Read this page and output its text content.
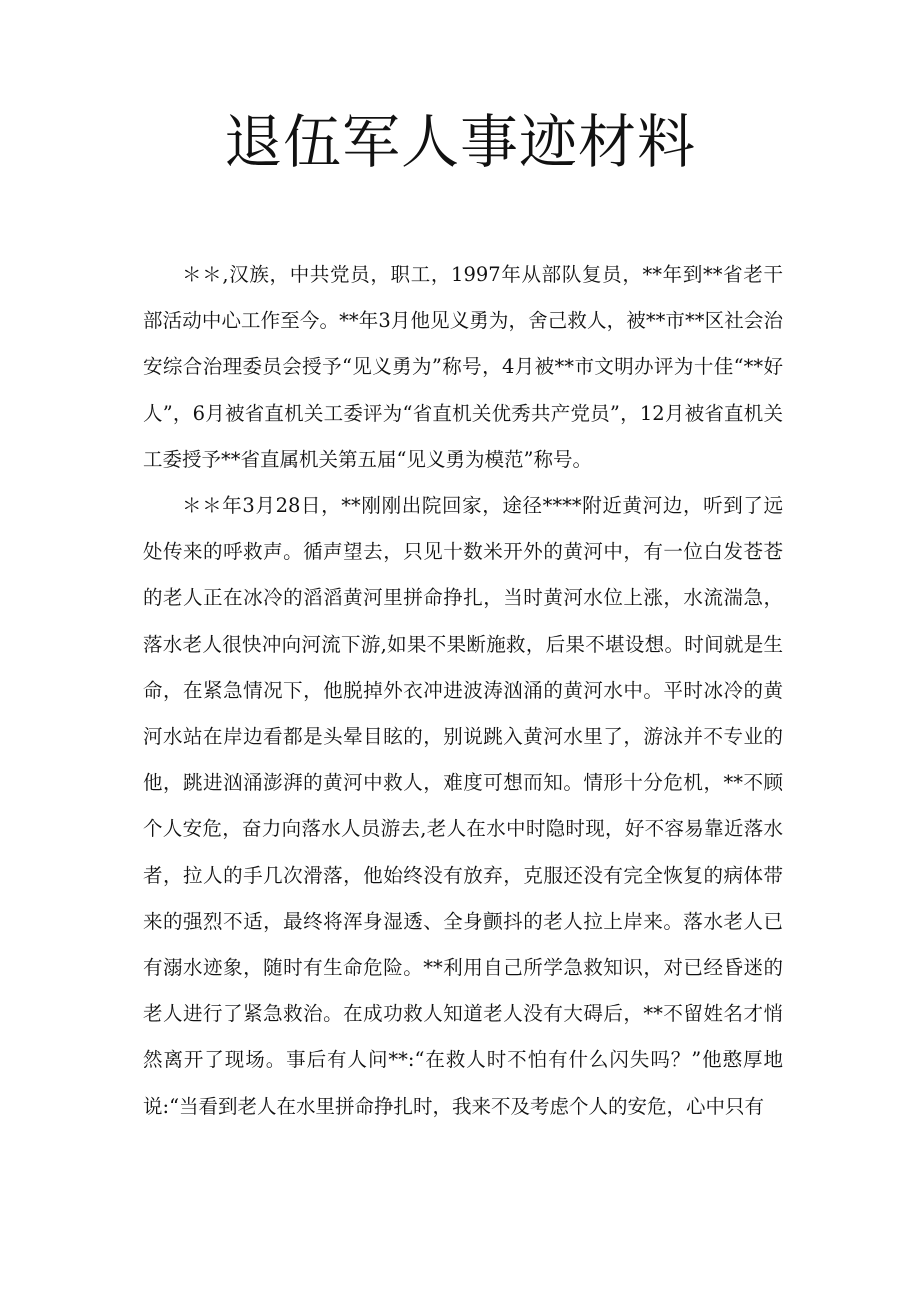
退伍军人事迹材料

＊＊,汉族，中共党员，职工，1997年从部队复员，**年到**省老干部活动中心工作至今。**年3月他见义勇为，舍己救人，被**市**区社会治安综合治理委员会授予“见义勇为”称号，4月被**市文明办评为十佳“**好人”，6月被省直机关工委评为“省直机关优秀共产党员”，12月被省直机关工委授予**省直属机关第五届“见义勇为模范”称号。

＊＊年3月28日，**刚刚出院回家，途径****附近黄河边，听到了远处传来的呼救声。循声望去，只见十数米开外的黄河中，有一位白发苍苍的老人正在冰冷的滔滔黄河里拼命挣扎，当时黄河水位上涨，水流湍急，落水老人很快冲向河流下游,如果不果断施救，后果不堪设想。时间就是生命，在紧急情况下，他脱掉外衣冲进波涛汹涌的黄河水中。平时冰冷的黄河水站在岸边看都是头晕目眩的，别说跳入黄河水里了，游泳并不专业的他，跳进汹涌澎湃的黄河中救人，难度可想而知。情形十分危机，**不顾个人安危，奋力向落水人员游去,老人在水中时隐时现，好不容易靠近落水者，拉人的手几次滑落，他始终没有放弃，克服还没有完全恢复的病体带来的强烈不适，最终将浑身湿透、全身颤抖的老人拉上岸来。落水老人已有溺水迹象，随时有生命危险。**利用自己所学急救知识，对已经昏迷的老人进行了紧急救治。在成功救人知道老人没有大碍后，**不留姓名才悄然离开了现场。事后有人问**:“在救人时不怕有什么闪失吗？”他憨厚地说:“当看到老人在水里拼命挣扎时，我来不及考虑个人的安危，心中只有
